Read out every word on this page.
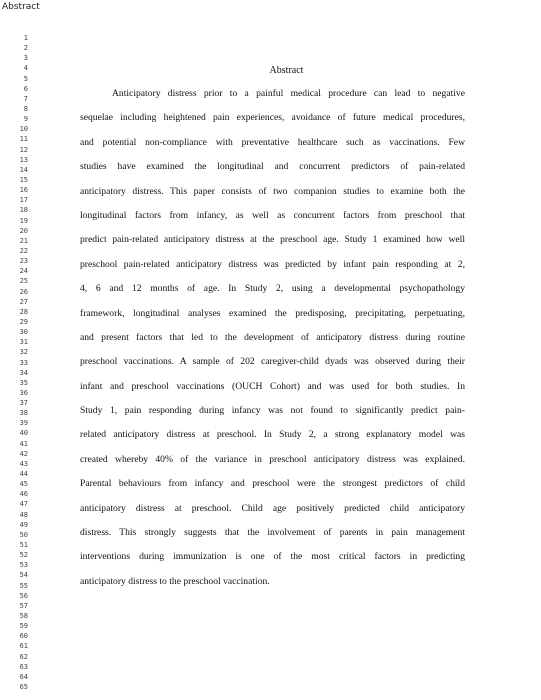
Abstract
1
2
3
4
5
6
7
8
9
10
11
12
13
14
15
16
17
18
19
20
21
22
23
24
25
26
27
28
29
30
31
32
33
34
35
36
37
38
39
40
41
42
43
44
45
46
47
48
49
50
51
52
53
54
55
56
57
58
59
60
61
62
63
64
65
Abstract
Anticipatory distress prior to a painful medical procedure can lead to negative
sequelae including heightened pain experiences, avoidance of future medical procedures,
and potential non-compliance with preventative healthcare such as vaccinations. Few
studies have examined the longitudinal and concurrent predictors of pain-related
anticipatory distress. This paper consists of two companion studies to examine both the
longitudinal factors from infancy, as well as concurrent factors from preschool that
predict pain-related anticipatory distress at the preschool age. Study 1 examined how well
preschool pain-related anticipatory distress was predicted by infant pain responding at 2,
4, 6 and 12 months of age. In Study 2, using a developmental psychopathology
framework, longitudinal analyses examined the predisposing, precipitating, perpetuating,
and present factors that led to the development of anticipatory distress during routine
preschool vaccinations. A sample of 202 caregiver-child dyads was observed during their
infant and preschool vaccinations (OUCH Cohort) and was used for both studies. In
Study 1, pain responding during infancy was not found to significantly predict pain-
related anticipatory distress at preschool. In Study 2, a strong explanatory model was
created whereby 40% of the variance in preschool anticipatory distress was explained.
Parental behaviours from infancy and preschool were the strongest predictors of child
anticipatory distress at preschool. Child age positively predicted child anticipatory
distress. This strongly suggests that the involvement of parents in pain management
interventions during immunization is one of the most critical factors in predicting
anticipatory distress to the preschool vaccination.
